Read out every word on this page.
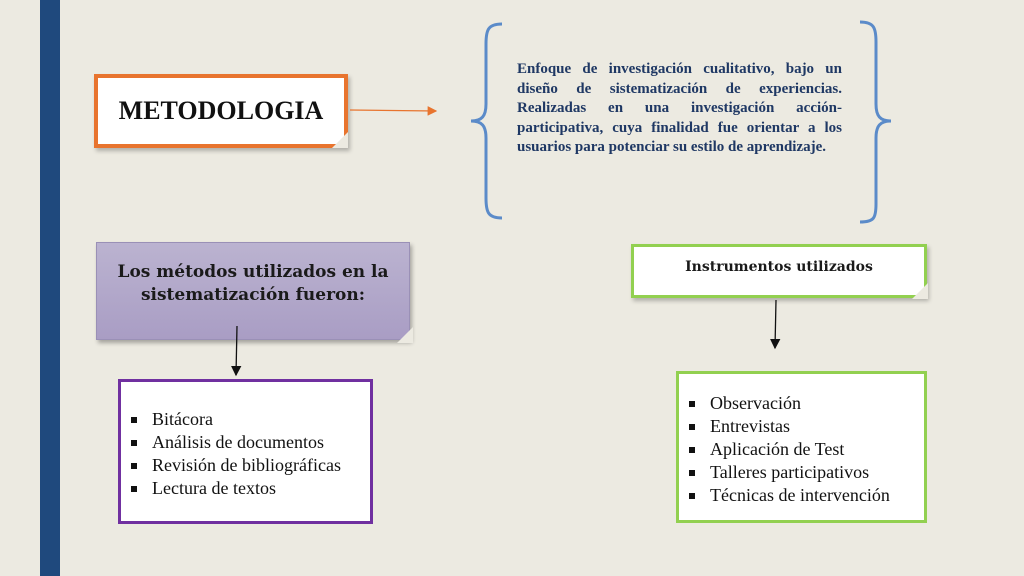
METODOLOGIA
Enfoque de investigación cualitativo, bajo un diseño de sistematización de experiencias. Realizadas en una investigación acción- participativa, cuya finalidad fue orientar a los usuarios para potenciar su estilo de aprendizaje.
Los métodos utilizados en la sistematización fueron:
Instrumentos utilizados
Bitácora
Análisis de documentos
Revisión de bibliográficas
Lectura de textos
Observación
Entrevistas
Aplicación de Test
Talleres participativos
Técnicas de intervención
